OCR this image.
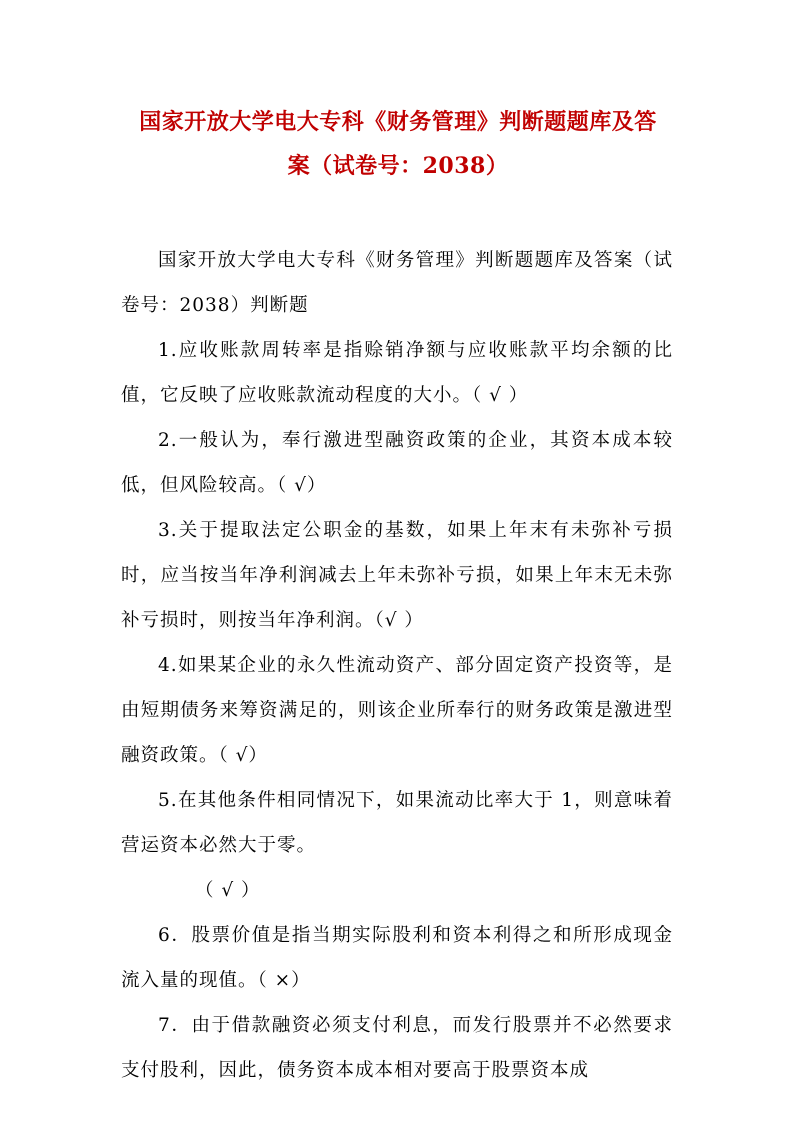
国家开放大学电大专科《财务管理》判断题题库及答
案（试卷号：2038）

国家开放大学电大专科《财务管理》判断题题库及答案（试卷号：2038）判断题

1.应收账款周转率是指赊销净额与应收账款平均余额的比值，它反映了应收账款流动程度的大小。（ √ ）

2.一般认为，奉行激进型融资政策的企业，其资本成本较低，但风险较高。（ √）

3.关于提取法定公职金的基数，如果上年末有未弥补亏损时，应当按当年净利润减去上年未弥补亏损，如果上年末无未弥补亏损时，则按当年净利润。（√ ）

4.如果某企业的永久性流动资产、部分固定资产投资等，是由短期债务来筹资满足的，则该企业所奉行的财务政策是激进型融资政策。（ √）

5.在其他条件相同情况下，如果流动比率大于 1，则意味着营运资本必然大于零。

（ √ ）

6．股票价值是指当期实际股利和资本利得之和所形成现金流入量的现值。（ ×）

7．由于借款融资必须支付利息，而发行股票并不必然要求支付股利，因此，债务资本成本相对要高于股票资本成
